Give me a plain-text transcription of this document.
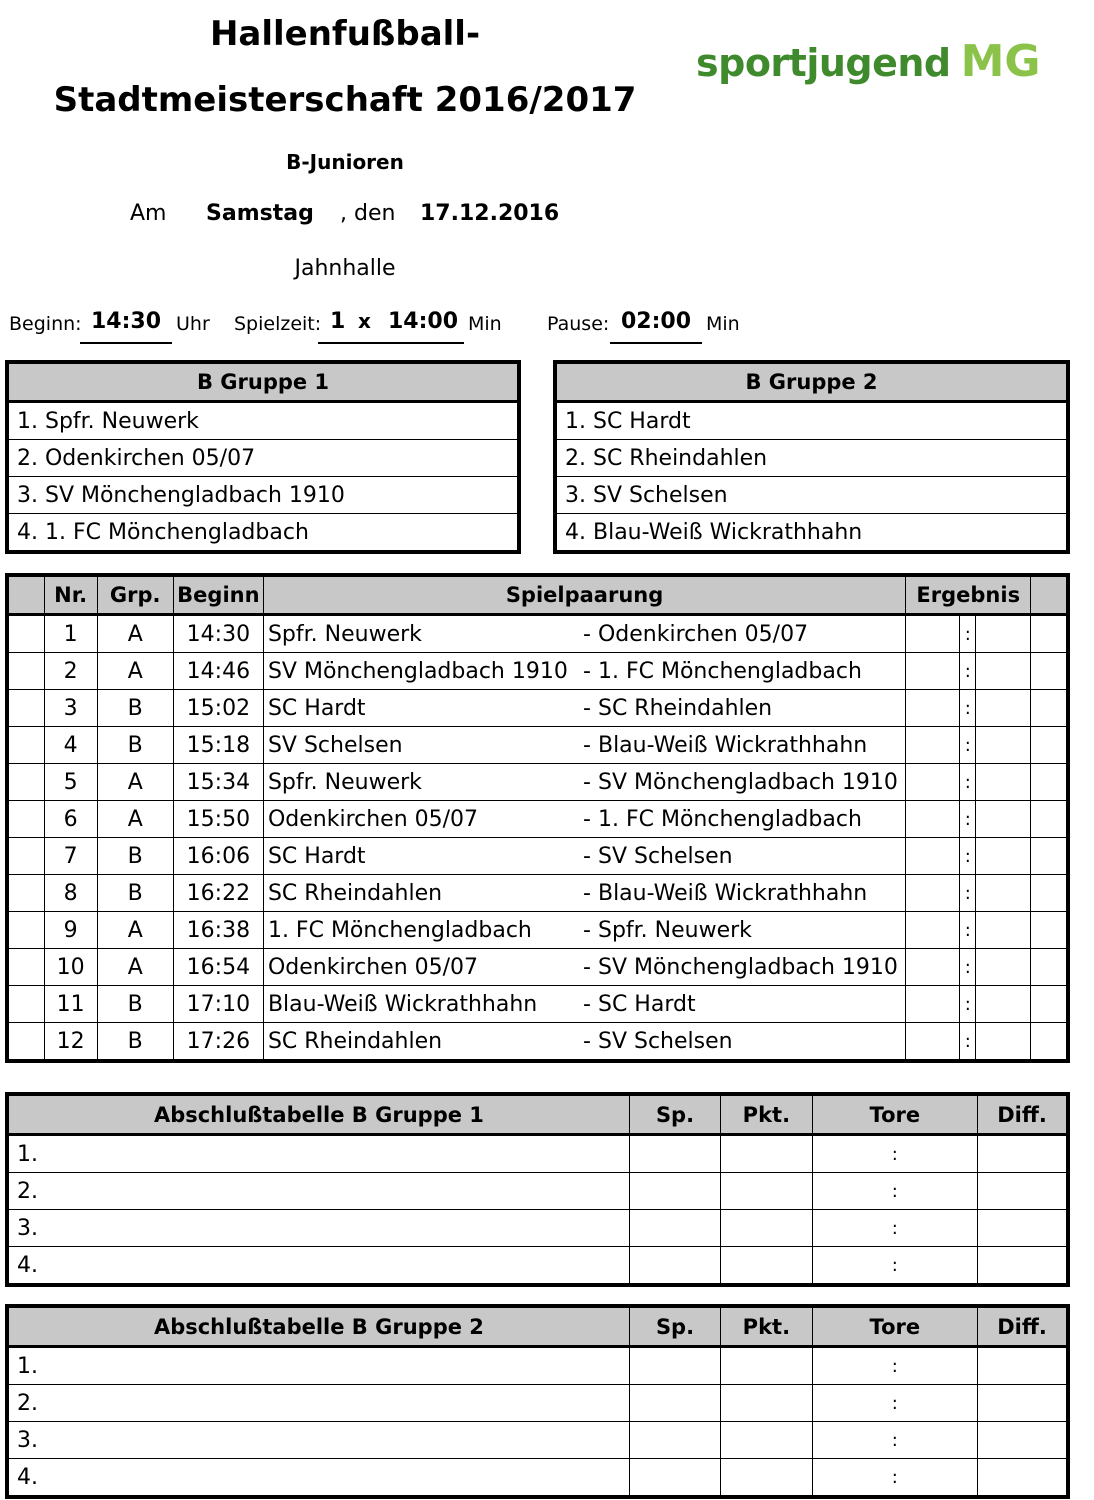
Hallenfußball-
Stadtmeisterschaft 2016/2017
sportjugend MG
B-Junioren
Am Samstag , den 17.12.2016
Jahnhalle
Beginn: 14:30 Uhr Spielzeit: 1 x 14:00 Min Pause: 02:00 Min
B Gruppe 1
1. Spfr. Neuwerk
2. Odenkirchen 05/07
3. SV Mönchengladbach 1910
4. 1. FC Mönchengladbach
B Gruppe 2
1. SC Hardt
2. SC Rheindahlen
3. SV Schelsen
4. Blau-Weiß Wickrathhahn
	Nr.	Grp.	Beginn	Spielpaarung		Ergebnis			
	1	A	14:30	Spfr. Neuwerk	- Odenkirchen 05/07		:		
	2	A	14:46	SV Mönchengladbach 1910	- 1. FC Mönchengladbach		:		
	3	B	15:02	SC Hardt	- SC Rheindahlen		:		
	4	B	15:18	SV Schelsen	- Blau-Weiß Wickrathhahn		:		
	5	A	15:34	Spfr. Neuwerk	- SV Mönchengladbach 1910		:		
	6	A	15:50	Odenkirchen 05/07	- 1. FC Mönchengladbach		:		
	7	B	16:06	SC Hardt	- SV Schelsen		:		
	8	B	16:22	SC Rheindahlen	- Blau-Weiß Wickrathhahn		:		
	9	A	16:38	1. FC Mönchengladbach	- Spfr. Neuwerk		:		
	10	A	16:54	Odenkirchen 05/07	- SV Mönchengladbach 1910		:		
	11	B	17:10	Blau-Weiß Wickrathhahn	- SC Hardt		:		
	12	B	17:26	SC Rheindahlen	- SV Schelsen		:		
Abschlußtabelle B Gruppe 1	Sp.	Pkt.	Tore	Diff.
1.			:	
2.			:	
3.			:	
4.			:	
Abschlußtabelle B Gruppe 2	Sp.	Pkt.	Tore	Diff.
1.			:	
2.			:	
3.			:	
4.			:	
